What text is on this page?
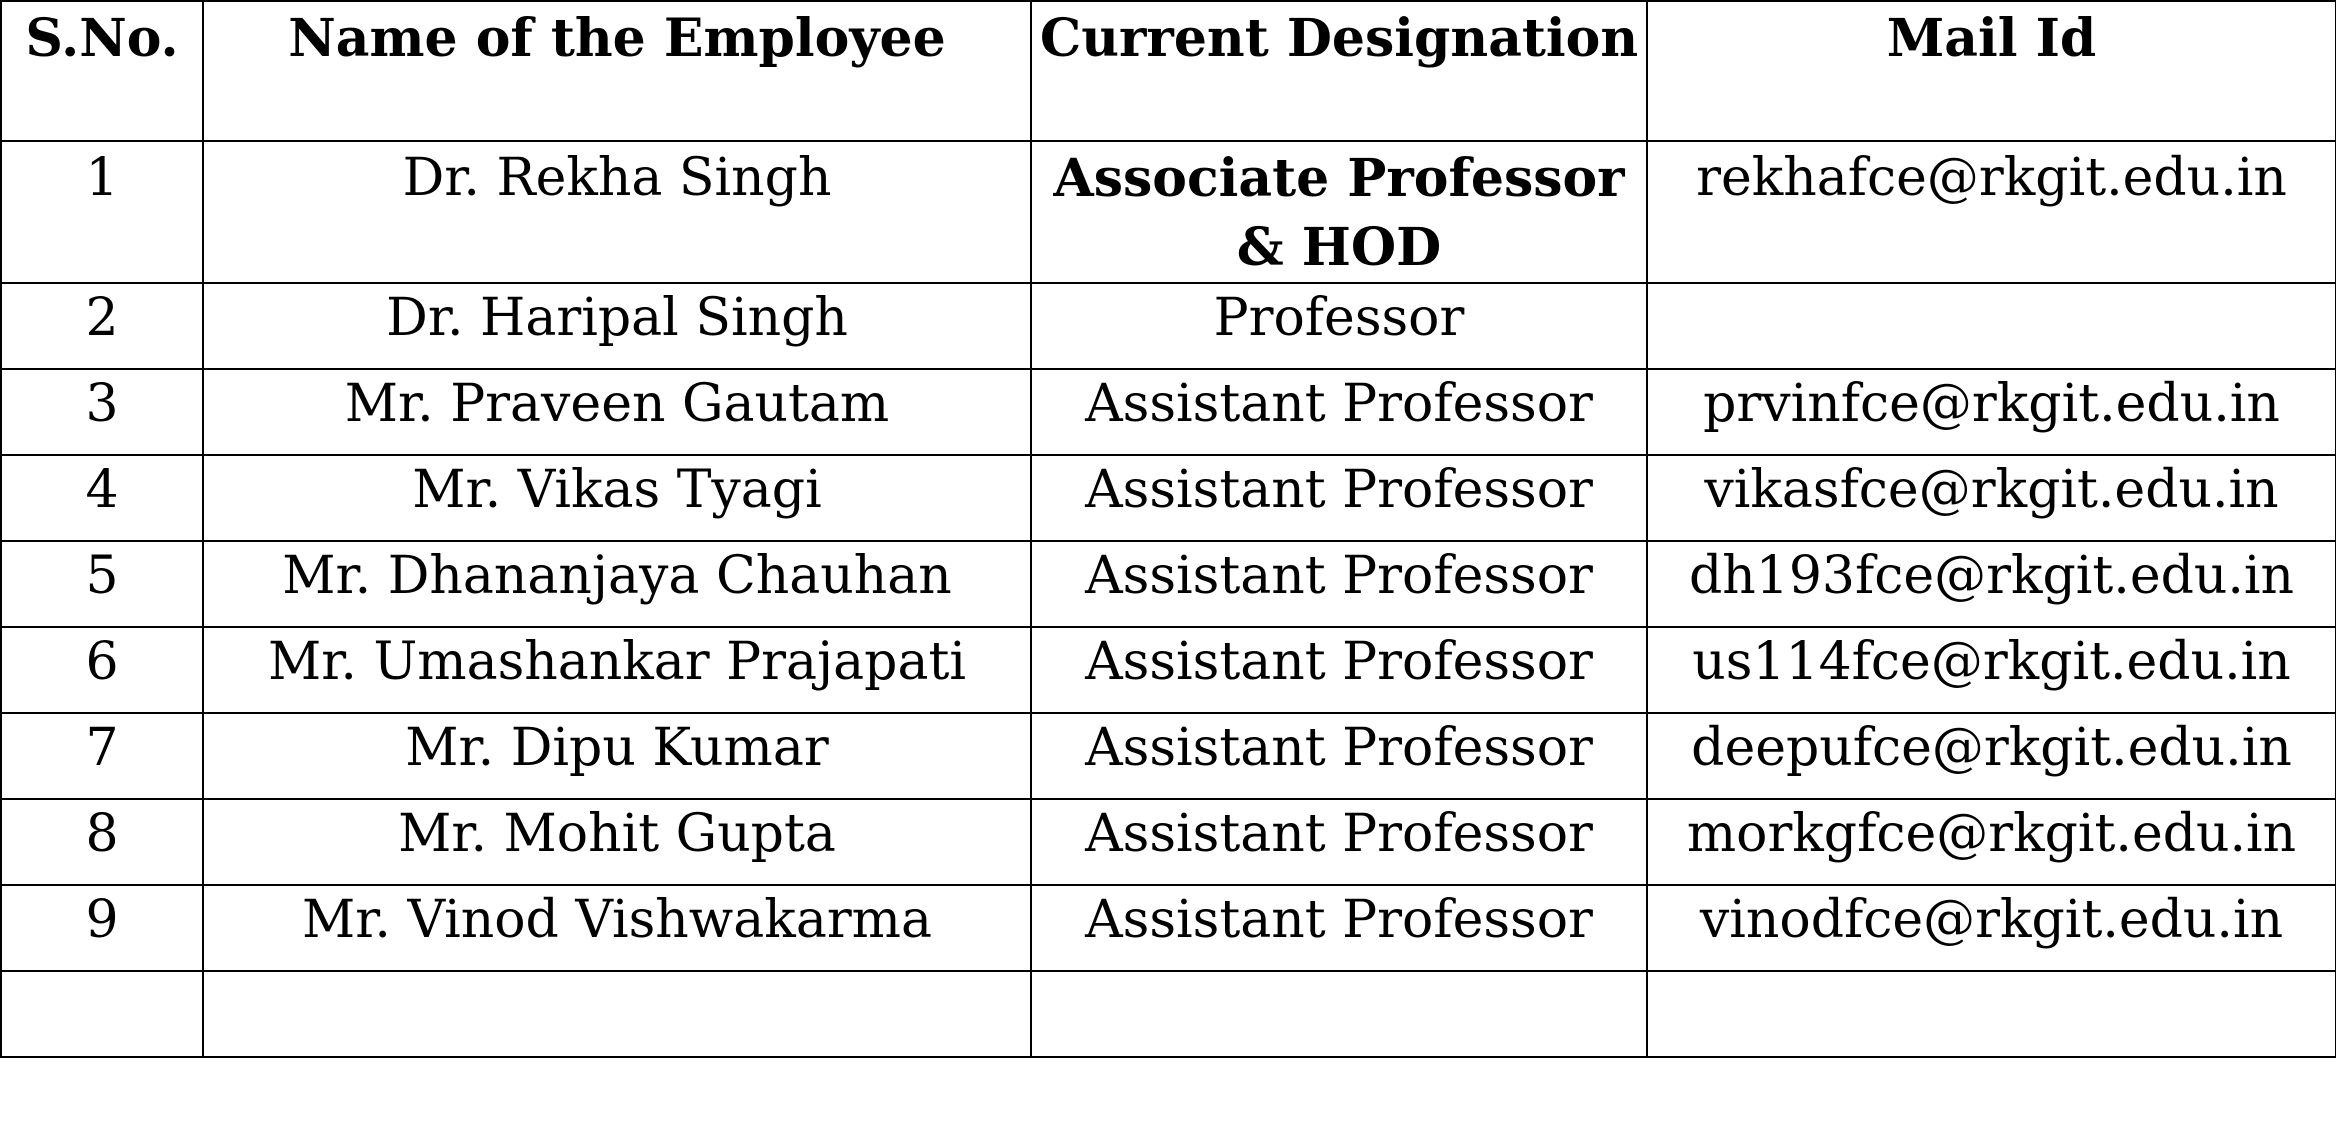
S.No.	Name of the Employee	Current Designation	Mail Id
1	Dr. Rekha Singh	Associate Professor & HOD	rekhafce@rkgit.edu.in
2	Dr. Haripal Singh	Professor	
3	Mr. Praveen Gautam	Assistant Professor	prvinfce@rkgit.edu.in
4	Mr. Vikas Tyagi	Assistant Professor	vikasfce@rkgit.edu.in
5	Mr. Dhananjaya Chauhan	Assistant Professor	dh193fce@rkgit.edu.in
6	Mr. Umashankar Prajapati	Assistant Professor	us114fce@rkgit.edu.in
7	Mr. Dipu Kumar	Assistant Professor	deepufce@rkgit.edu.in
8	Mr. Mohit Gupta	Assistant Professor	morkgfce@rkgit.edu.in
9	Mr. Vinod Vishwakarma	Assistant Professor	vinodfce@rkgit.edu.in
